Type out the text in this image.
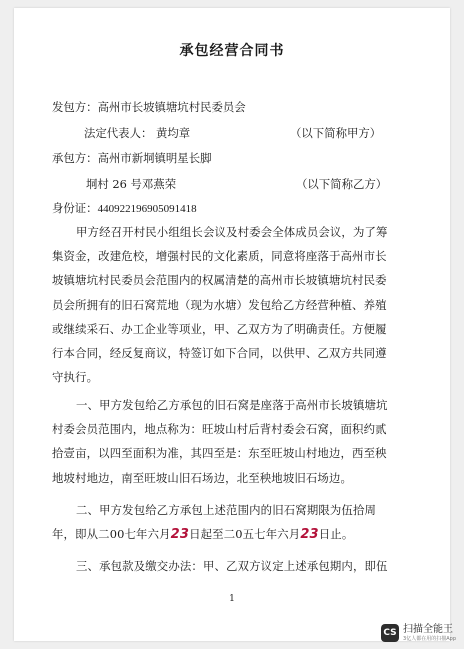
承包经营合同书
发包方：高州市长坡镇塘坑村民委员会
法定代表人： 黄均章	（以下简称甲方）
承包方：高州市新垌镇明星长脚
垌村 26 号邓燕荣	（以下简称乙方）
身份证：440922196905091418
甲方经召开村民小组组长会议及村委会全体成员会议，为了筹
集资金，改建危校，增强村民的文化素质，同意将座落于高州市长
坡镇塘坑村民委员会范围内的权属清楚的高州市长坡镇塘坑村民委
员会所拥有的旧石窝荒地（现为水塘）发包给乙方经营种植、养殖
或继续采石、办工企业等项业，甲、乙双方为了明确责任。方便履
行本合同，经反复商议，特签订如下合同，以供甲、乙双方共同遵
守执行。
一、甲方发包给乙方承包的旧石窝是座落于高州市长坡镇塘坑
村委会员范围内，地点称为：旺坡山村后背村委会石窝，面积约贰
拾壹亩，以四至面积为准，其四至是：东至旺坡山村地边，西至秧
地坡村地边，南至旺坡山旧石场边，北至秧地坡旧石场边。
二、甲方发包给乙方承包上述范围内的旧石窝期限为伍拾周
年，即从二00七年六月23日起至二0五七年六月23日止。
三、承包款及缴交办法：甲、乙双方议定上述承包期内，即伍
1
CS 扫描全能王
3亿人都在用的扫描App
